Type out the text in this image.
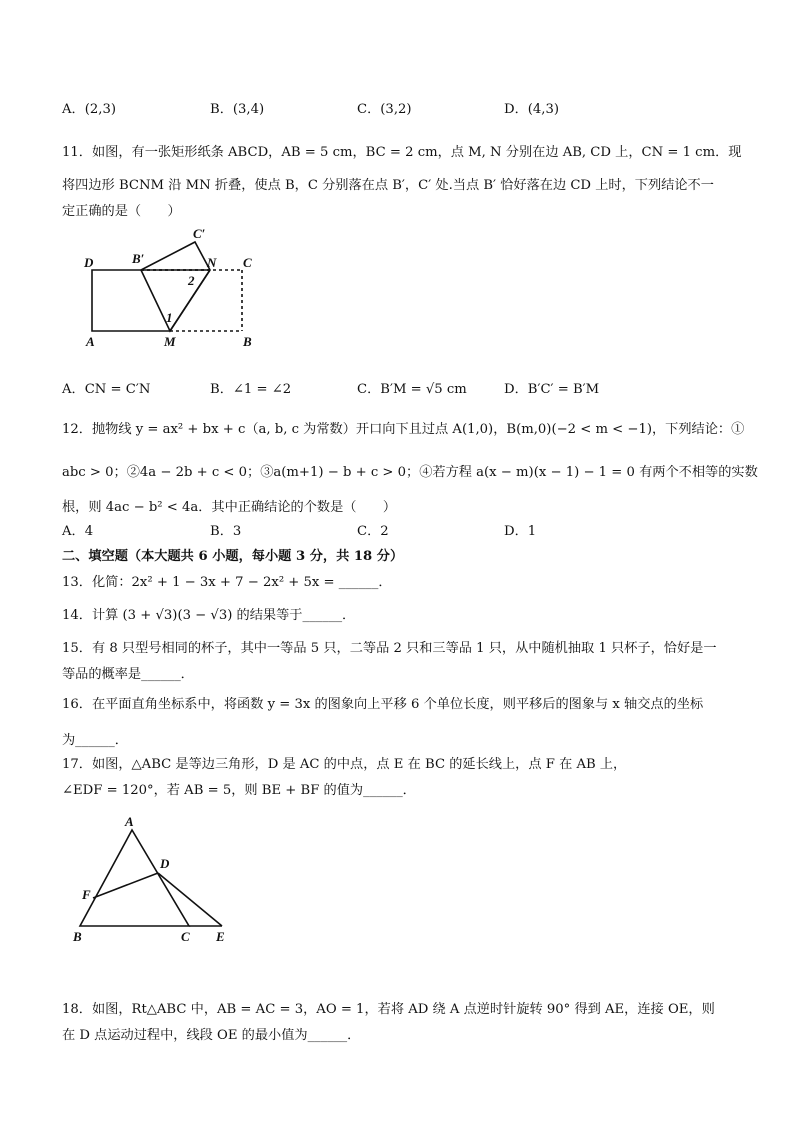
A．(2,3)	B．(3,4)	C．(3,2)	D．(4,3)
11．如图，有一张矩形纸条 ABCD，AB = 5 cm，BC = 2 cm，点 M, N 分别在边 AB, CD 上，CN = 1 cm．现
将四边形 BCNM 沿 MN 折叠，使点 B，C 分别落在点 B′，C′ 处.当点 B′ 恰好落在边 CD 上时，下列结论不一
定正确的是（　　）
D	B′
C′
N C
2
1
A	M	B
A．CN = C′N	B．∠1 = ∠2	C．B′M = √5 cm	D．B′C′ = B′M
12．抛物线 y = ax² + bx + c（a, b, c 为常数）开口向下且过点 A(1,0)，B(m,0)(−2 < m < −1)，下列结论：①
abc > 0；②4a − 2b + c < 0；③a(m+1) − b + c > 0；④若方程 a(x − m)(x − 1) − 1 = 0 有两个不相等的实数
根，则 4ac − b² < 4a．其中正确结论的个数是（　　）
A．4	B．3	C．2	D．1
二、填空题（本大题共 6 小题，每小题 3 分，共 18 分）
13．化简：2x² + 1 − 3x + 7 − 2x² + 5x = ______．
14．计算 (3 + √3)(3 − √3) 的结果等于______．
15．有 8 只型号相同的杯子，其中一等品 5 只，二等品 2 只和三等品 1 只，从中随机抽取 1 只杯子，恰好是一
等品的概率是______．
16．在平面直角坐标系中，将函数 y = 3x 的图象向上平移 6 个单位长度，则平移后的图象与 x 轴交点的坐标
为______．
17．如图，△ABC 是等边三角形，D 是 AC 的中点，点 E 在 BC 的延长线上，点 F 在 AB 上，
∠EDF = 120°，若 AB = 5，则 BE + BF 的值为______．
A
D
F
B	C E
18．如图，Rt△ABC 中，AB = AC = 3，AO = 1，若将 AD 绕 A 点逆时针旋转 90° 得到 AE，连接 OE，则
在 D 点运动过程中，线段 OE 的最小值为______．
